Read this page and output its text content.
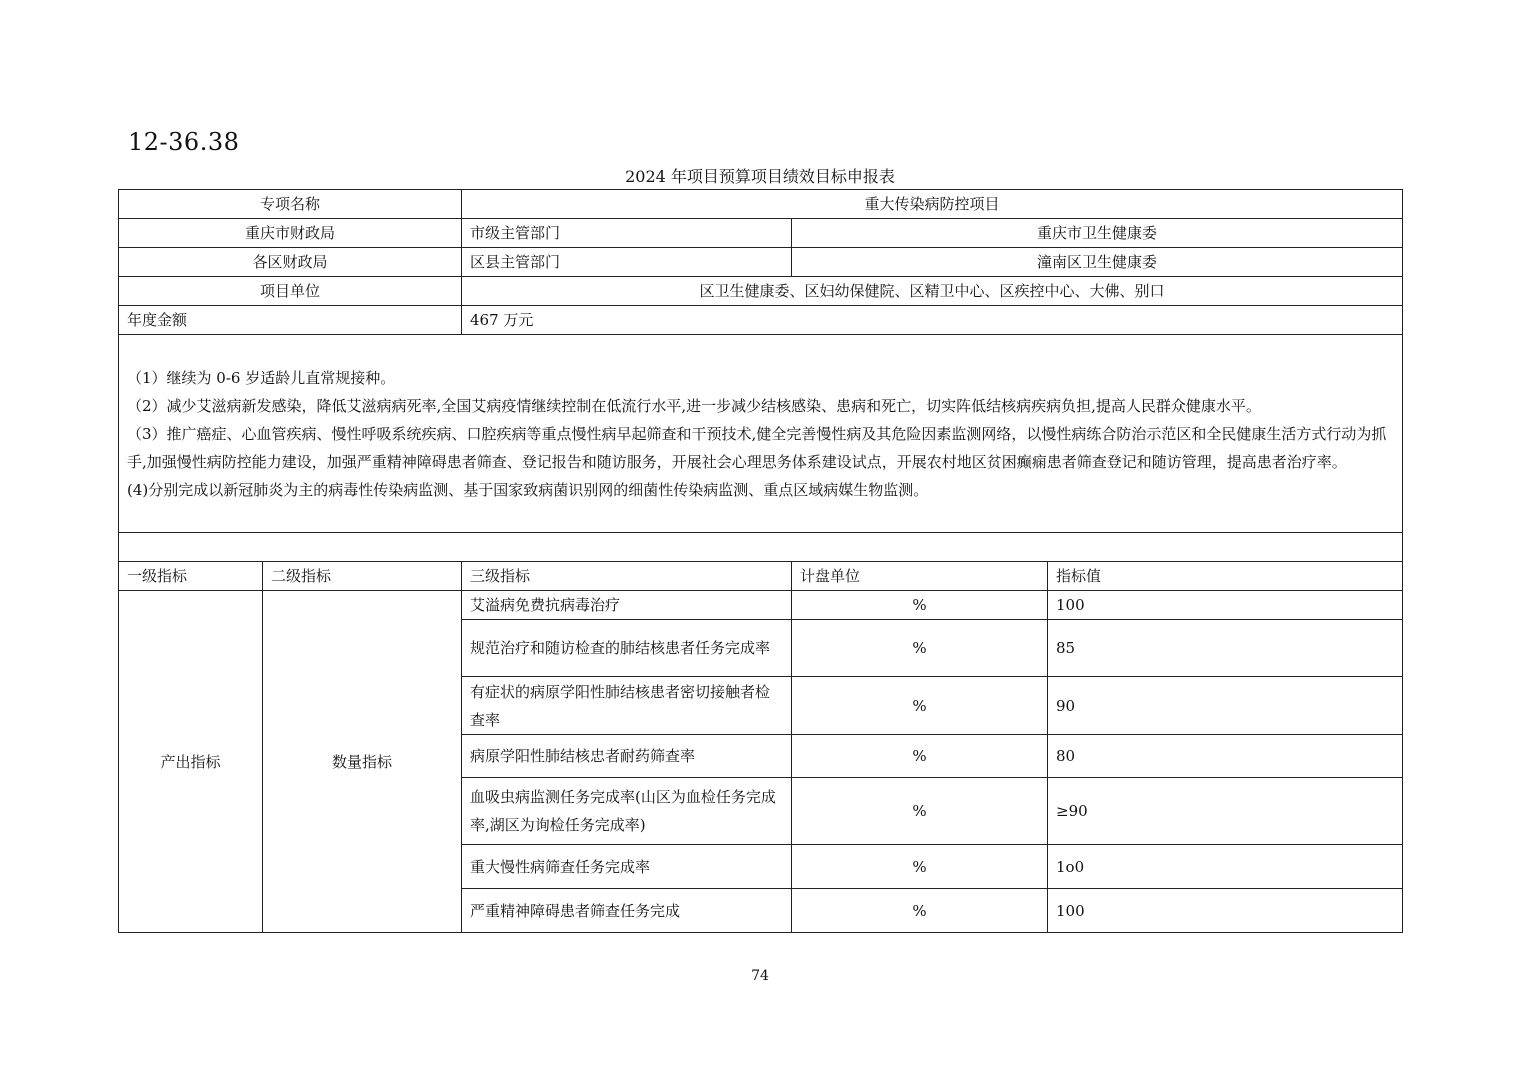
12-36.38
2024 年项目预算项目绩效目标申报表
专项名称		重大传染病防控项目		
重庆市财政局		市级主管部门	重庆市卫生健康委	
各区财政局		区县主管部门	潼南区卫生健康委	
项目单位		区卫生健康委、区妇幼保健院、区精卫中心、区疾控中心、大佛、别口		
年度金额		467 万元		

（1）继续为 0-6 岁适龄儿直常规接种。

（2）减少艾滋病新发感染，降低艾滋病病死率,全国艾病疫情继续控制在低流行水平,进一步减少结核感染、患病和死亡，切实阵低结核病疾病负担,提高人民群众健康水平。

（3）推广癌症、心血管疾病、慢性呼吸系统疾病、口腔疾病等重点慢性病早起筛查和干预技术,健全完善慢性病及其危险因素监测网络，以慢性病练合防治示范区和全民健康生活方式行动为抓手,加强慢性病防控能力建设，加强严重精神障碍患者筛查、登记报告和随访服务，开展社会心理思务体系建设试点，开展农村地区贫困癫痫患者筛查登记和随访管理，提高患者治疗率。

(4)分别完成以新冠肺炎为主的病毒性传染病监测、基于国家致病菌识别网的细菌性传染病监测、重点区域病媒生物监测。				

一级指标	二级指标	三级指标	计盘单位	指标值
产出指标	数量指标	艾溢病免费抗病毒治疗	%	100
		规范治疗和随访检查的肺结核患者任务完成率	%	85
		有症状的病原学阳性肺结核患者密切接触者检查率	%	90
		病原学阳性肺结核忠者耐药筛查率	%	80
		血吸虫病监测任务完成率(山区为血检任务完成率,湖区为询检任务完成率)	%	≥90
		重大慢性病筛查任务完成率	%	1o0
		严重精神障碍患者筛查任务完成	%	100
74
